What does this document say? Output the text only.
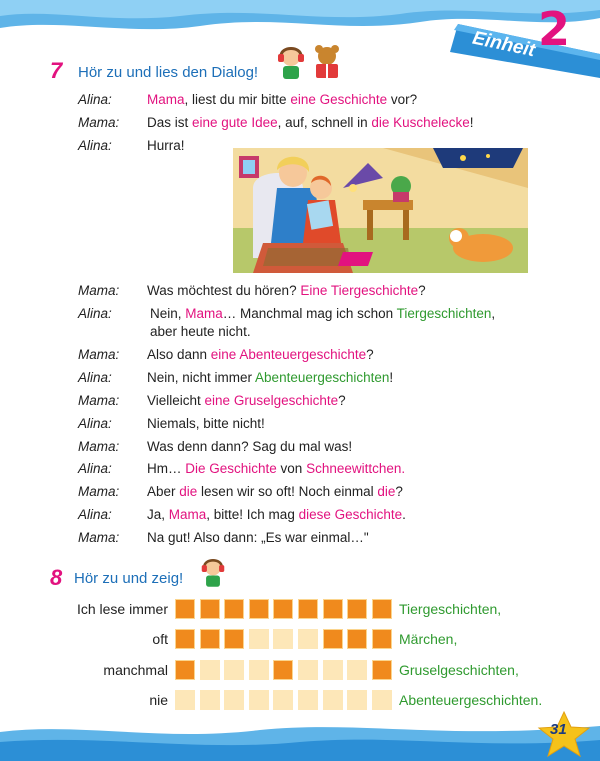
Einheit 2
7 Hör zu und lies den Dialog!
Alina:	Mama, liest du mir bitte eine Geschichte vor?
Mama: Das ist eine gute Idee, auf, schnell in die Kuschelecke!
Alina:	Hurra!
Mama: Was möchtest du hören? Eine Tiergeschichte?
Alina:	Nein, Mama… Manchmal mag ich schon Tiergeschichten,
aber heute nicht.
Mama: Also dann eine Abenteuergeschichte?
Alina:	Nein, nicht immer Abenteuergeschichten!
Mama: Vielleicht eine Gruselgeschichte?
Alina:	Niemals, bitte nicht!
Mama: Was denn dann? Sag du mal was!
Alina:	Hm… Die Geschichte von Schneewittchen.
Mama: Aber die lesen wir so oft! Noch einmal die?
Alina:	Ja, Mama, bitte! Ich mag diese Geschichte.
Mama: Na gut! Also dann: „Es war einmal…"
8 Hör zu und zeig!
Ich lese immer	Tiergeschichten,
oft	Märchen,
manchmal	Gruselgeschichten,
nie	Abenteuergeschichten.
31
